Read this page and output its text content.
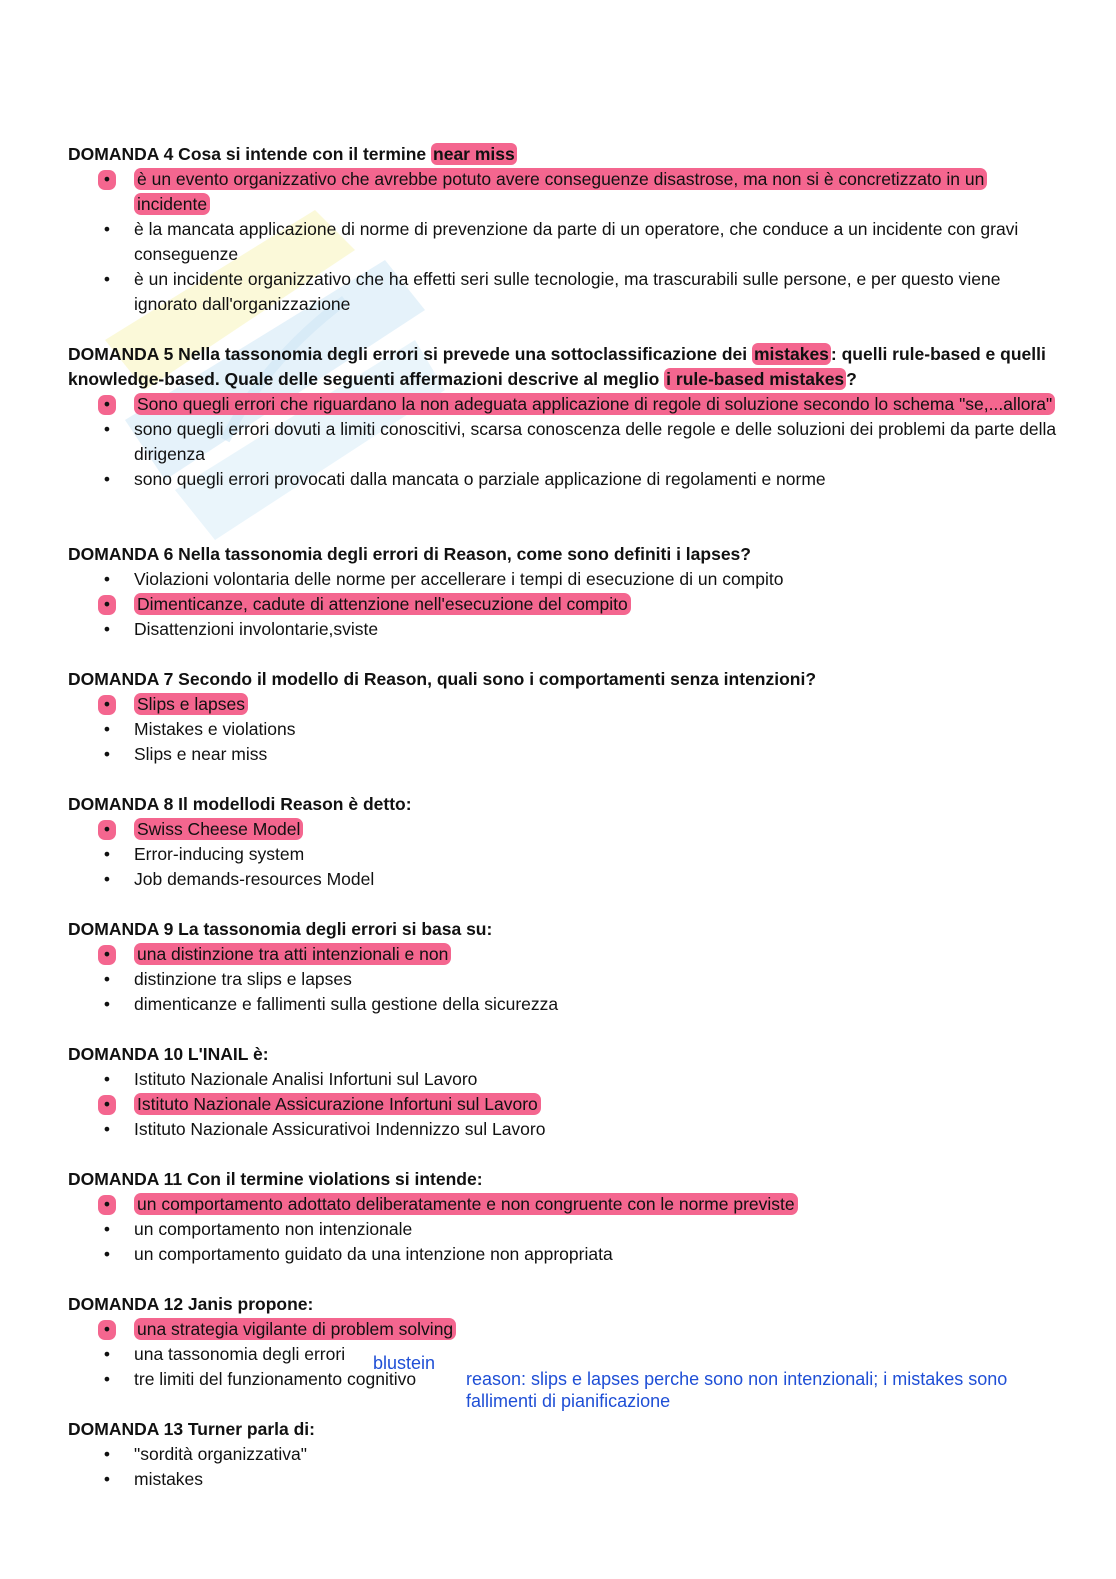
DOMANDA 4 Cosa si intende con il termine near miss

• è un evento organizzativo che avrebbe potuto avere conseguenze disastrose, ma non si è concretizzato in un incidente
• è la mancata applicazione di norme di prevenzione da parte di un operatore, che conduce a un incidente con gravi conseguenze
• è un incidente organizzativo che ha effetti seri sulle tecnologie, ma trascurabili sulle persone, e per questo viene ignorato dall'organizzazione

DOMANDA 5 Nella tassonomia degli errori si prevede una sottoclassificazione dei mistakes : quelli rule-based e quelli knowledge-based. Quale delle seguenti affermazioni descrive al meglio i rule-based mistakes ?

• Sono quegli errori che riguardano la non adeguata applicazione di regole di soluzione secondo lo schema "se,...allora"
• sono quegli errori dovuti a limiti conoscitivi, scarsa conoscenza delle regole e delle soluzioni dei problemi da parte della dirigenza
• sono quegli errori provocati dalla mancata o parziale applicazione di regolamenti e norme

DOMANDA 6 Nella tassonomia degli errori di Reason, come sono definiti i lapses?

• Violazioni volontaria delle norme per accellerare i tempi di esecuzione di un compito
• Dimenticanze, cadute di attenzione nell'esecuzione del compito
• Disattenzioni involontarie,sviste

DOMANDA 7 Secondo il modello di Reason, quali sono i comportamenti senza intenzioni?

• Slips e lapses
• Mistakes e violations
• Slips e near miss

DOMANDA 8 Il modellodi Reason è detto:

• Swiss Cheese Model
• Error-inducing system
• Job demands-resources Model

DOMANDA 9 La tassonomia degli errori si basa su:

• una distinzione tra atti intenzionali e non
• distinzione tra slips e lapses
• dimenticanze e fallimenti sulla gestione della sicurezza

DOMANDA 10 L'INAIL è:

• Istituto Nazionale Analisi Infortuni sul Lavoro
• Istituto Nazionale Assicurazione Infortuni sul Lavoro
• Istituto Nazionale Assicurativoi Indennizzo sul Lavoro

DOMANDA 11 Con il termine violations si intende:

• un comportamento adottato deliberatamente e non congruente con le norme previste
• un comportamento non intenzionale
• un comportamento guidato da una intenzione non appropriata

DOMANDA 12 Janis propone:

• una strategia vigilante di problem solving
• una tassonomia degli errori
• tre limiti del funzionamento cognitivo
blustein
reason: slips e lapses perche sono non intenzionali; i mistakes sono fallimenti di pianificazione

DOMANDA 13 Turner parla di:

• "sordità organizzativa"
• mistakes
